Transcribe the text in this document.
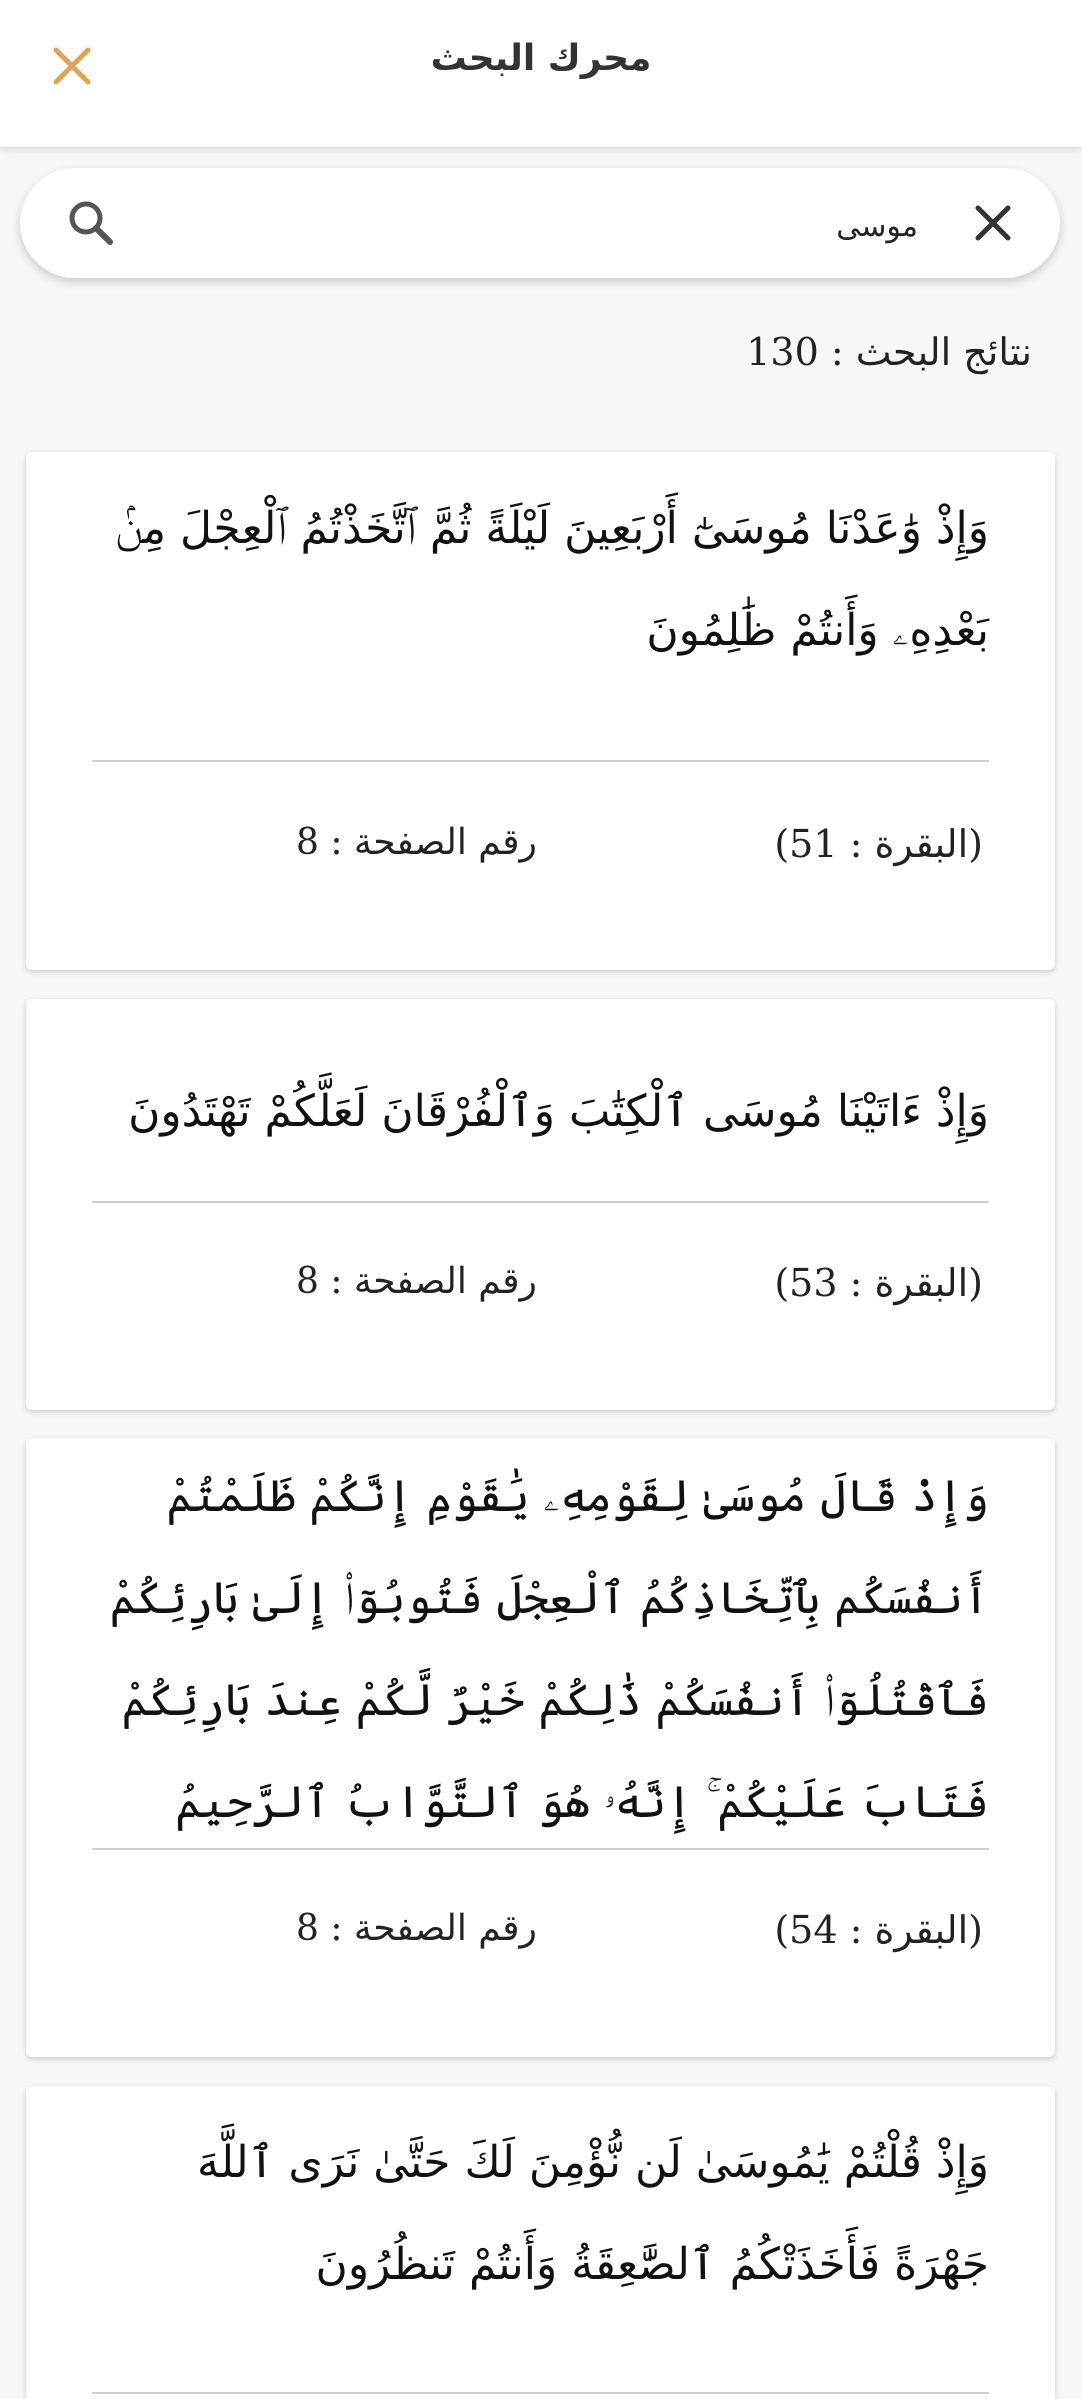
محرك البحث
موسى
نتائج البحث : 130
وَإِذْ وَٰعَدْنَا مُوسَىٰٓ أَرْبَعِينَ لَيْلَةً ثُمَّ ٱتَّخَذْتُمُ ٱلْعِجْلَ مِنۢ بَعْدِهِۦ وَأَنتُمْ ظَٰلِمُونَ
(البقرة : 51)
رقم الصفحة : 8
وَإِذْ ءَاتَيْنَا مُوسَى ٱلْكِتَٰبَ وَٱلْفُرْقَانَ لَعَلَّكُمْ تَهْتَدُونَ
(البقرة : 53)
رقم الصفحة : 8
وَإِذْ قَالَ مُوسَىٰ لِقَوْمِهِۦ يَٰقَوْمِ إِنَّكُمْ ظَلَمْتُمْ أَنفُسَكُم بِٱتِّخَاذِكُمُ ٱلْعِجْلَ فَتُوبُوٓا۟ إِلَىٰ بَارِئِكُمْ فَٱقْتُلُوٓا۟ أَنفُسَكُمْ ذَٰلِكُمْ خَيْرٌ لَّكُمْ عِندَ بَارِئِكُمْ فَتَابَ عَلَيْكُمْ ۚ إِنَّهُۥ هُوَ ٱلتَّوَّابُ ٱلرَّحِيمُ
(البقرة : 54)
رقم الصفحة : 8
وَإِذْ قُلْتُمْ يَٰمُوسَىٰ لَن نُّؤْمِنَ لَكَ حَتَّىٰ نَرَى ٱللَّهَ جَهْرَةً فَأَخَذَتْكُمُ ٱلصَّٰعِقَةُ وَأَنتُمْ تَنظُرُونَ
